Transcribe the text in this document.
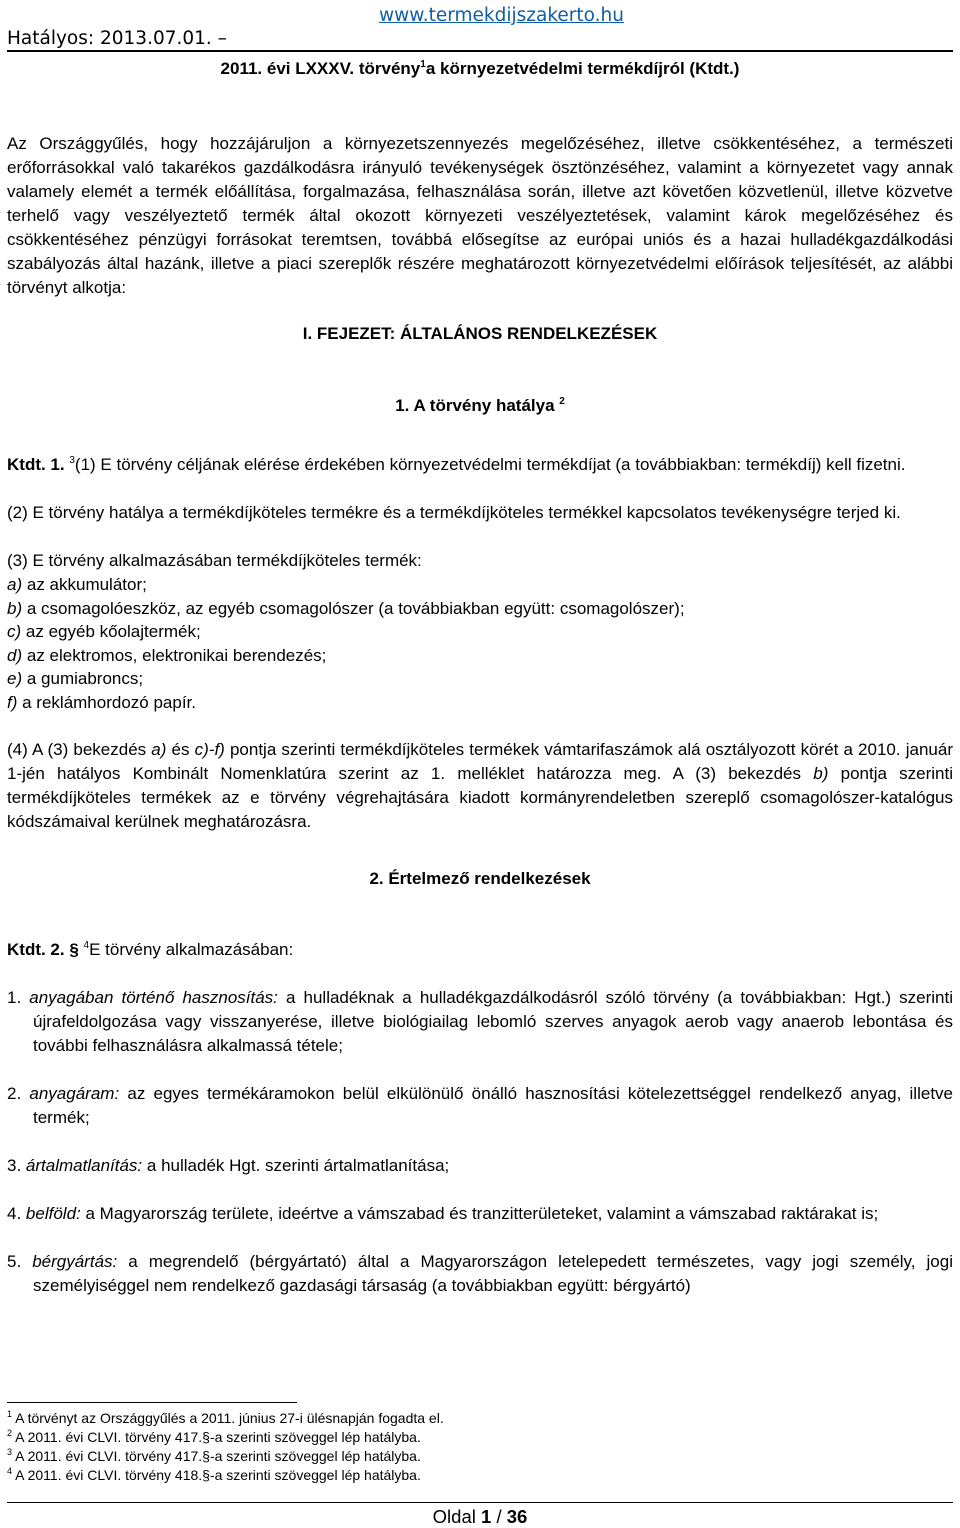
Hatályos: 2013.07.01. –
www.termekdijszakerto.hu
2011. évi LXXXV. törvény$^1$a környezetvédelmi termékdíjról (Ktdt.)

Az Országgyűlés, hogy hozzájáruljon a környezetszennyezés megelőzéséhez, illetve csökkentéséhez, a természeti erőforrásokkal való takarékos gazdálkodásra irányuló tevékenységek ösztönzéséhez, valamint a környezetet vagy annak valamely elemét a termék előállítása, forgalmazása, felhasználása során, illetve azt követően közvetlenül, illetve közvetve terhelő vagy veszélyeztető termék által okozott környezeti veszélyeztetések, valamint károk megelőzéséhez és csökkentéséhez pénzügyi forrásokat teremtsen, továbbá elősegítse az európai uniós és a hazai hulladékgazdálkodási szabályozás által hazánk, illetve a piaci szereplők részére meghatározott környezetvédelmi előírások teljesítését, az alábbi törvényt alkotja:

I. FEJEZET: ÁLTALÁNOS RENDELKEZÉSEK
1. A törvény hatálya $^2$

Ktdt. 1. $^3$(1) E törvény céljának elérése érdekében környezetvédelmi termékdíjat (a továbbiakban: termékdíj) kell fizetni.

(2) E törvény hatálya a termékdíjköteles termékre és a termékdíjköteles termékkel kapcsolatos tevékenységre terjed ki.

(3) E törvény alkalmazásában termékdíjköteles termék:

a) az akkumulátor;
b) a csomagolóeszköz, az egyéb csomagolószer (a továbbiakban együtt: csomagolószer);
c) az egyéb kőolajtermék;
d) az elektromos, elektronikai berendezés;
e) a gumiabroncs;
f) a reklámhordozó papír.

(4) A (3) bekezdés a) és c)-f) pontja szerinti termékdíjköteles termékek vámtarifaszámok alá osztályozott körét a 2010. január 1-jén hatályos Kombinált Nomenklatúra szerint az 1. melléklet határozza meg. A (3) bekezdés b) pontja szerinti termékdíjköteles termékek az e törvény végrehajtására kiadott kormányrendeletben szereplő csomagolószer-katalógus kódszámaival kerülnek meghatározásra.

2. Értelmező rendelkezések

Ktdt. 2. § $^4$E törvény alkalmazásában:

1. anyagában történő hasznosítás: a hulladéknak a hulladékgazdálkodásról szóló törvény (a továbbiakban: Hgt.) szerinti újrafeldolgozása vagy visszanyerése, illetve biológiailag lebomló szerves anyagok aerob vagy anaerob lebontása és további felhasználásra alkalmassá tétele;

2. anyagáram: az egyes termékáramokon belül elkülönülő önálló hasznosítási kötelezettséggel rendelkező anyag, illetve termék;

3. ártalmatlanítás: a hulladék Hgt. szerinti ártalmatlanítása;

4. belföld: a Magyarország területe, ideértve a vámszabad és tranzitterületeket, valamint a vámszabad raktárakat is;

5. bérgyártás: a megrendelő (bérgyártató) által a Magyarországon letelepedett természetes, vagy jogi személy, jogi személyiséggel nem rendelkező gazdasági társaság (a továbbiakban együtt: bérgyártó)

$^1$ A törvényt az Országgyűlés a 2011. június 27-i ülésnapján fogadta el.
$^2$ A 2011. évi CLVI. törvény 417.§-a szerinti szöveggel lép hatályba.
$^3$ A 2011. évi CLVI. törvény 417.§-a szerinti szöveggel lép hatályba.
$^4$ A 2011. évi CLVI. törvény 418.§-a szerinti szöveggel lép hatályba.
Oldal 1 / 36
